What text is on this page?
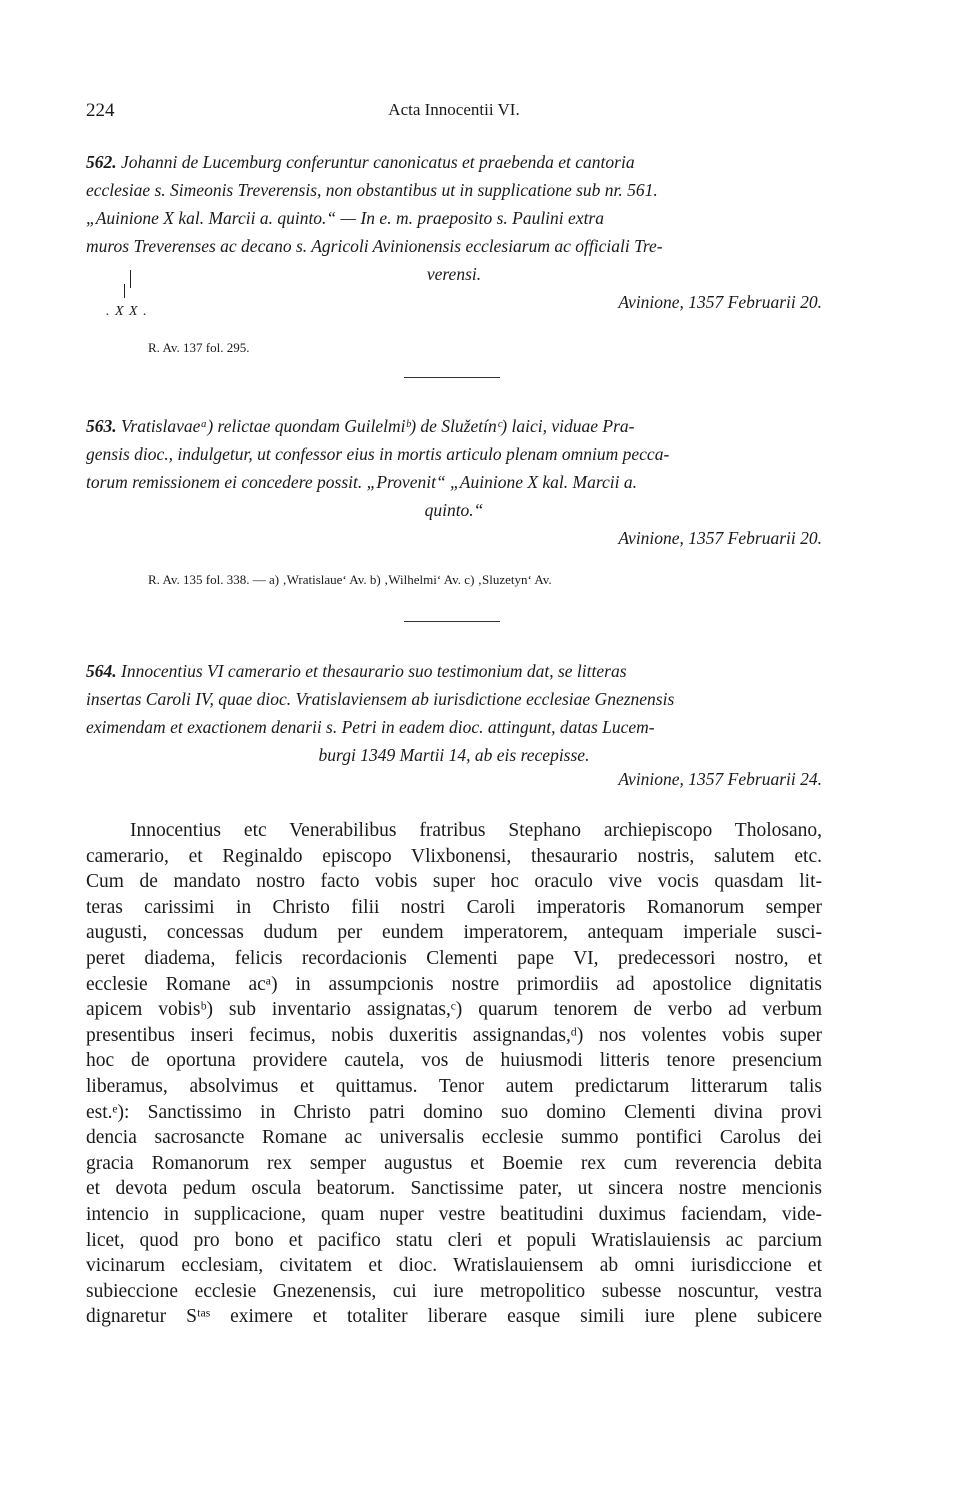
224	Acta Innocentii VI.
562. Johanni de Lucemburg conferuntur canonicatus et praebenda et cantoria
ecclesiae s. Simeonis Treverensis, non obstantibus ut in supplicatione sub nr. 561.
„Auinione X kal. Marcii a. quinto.“ — In e. m. praeposito s. Paulini extra
muros Treverenses ac decano s. Agricoli Avinionensis ecclesiarum ac officiali Tre-
verensi.
. X X .	Avinione, 1357 Februarii 20.
R. Av. 137 fol. 295.
563. Vratislavaeᵃ) relictae quondam Guilelmiᵇ) de Služetínᶜ) laici, viduae Pra-
gensis dioc., indulgetur, ut confessor eius in mortis articulo plenam omnium pecca-
torum remissionem ei concedere possit. „Provenit“ „Auinione X kal. Marcii a.
quinto.“
Avinione, 1357 Februarii 20.
R. Av. 135 fol. 338. — a) ‚Wratislaue‘ Av. b) ‚Wilhelmi‘ Av. c) ‚Sluzetyn‘ Av.
564. Innocentius VI camerario et thesaurario suo testimonium dat, se litteras
insertas Caroli IV, quae dioc. Vratislaviensem ab iurisdictione ecclesiae Gneznensis
eximendam et exactionem denarii s. Petri in eadem dioc. attingunt, datas Lucem-
burgi 1349 Martii 14, ab eis recepisse.
Avinione, 1357 Februarii 24.
Innocentius etc Venerabilibus fratribus Stephano archiepiscopo Tholosano,
camerario, et Reginaldo episcopo Vlixbonensi, thesaurario nostris, salutem etc.
Cum de mandato nostro facto vobis super hoc oraculo vive vocis quasdam lit-
teras carissimi in Christo filii nostri Caroli imperatoris Romanorum semper
augusti, concessas dudum per eundem imperatorem, antequam imperiale susci-
peret diadema, felicis recordacionis Clementi pape VI, predecessori nostro, et
ecclesie Romane acᵃ) in assumpcionis nostre primordiis ad apostolice dignitatis
apicem vobisᵇ) sub inventario assignatas,ᶜ) quarum tenorem de verbo ad verbum
presentibus inseri fecimus, nobis duxeritis assignandas,ᵈ) nos volentes vobis super
hoc de oportuna providere cautela, vos de huiusmodi litteris tenore presencium
liberamus, absolvimus et quittamus. Tenor autem predictarum litterarum talis
est.ᵉ): Sanctissimo in Christo patri domino suo domino Clementi divina provi
dencia sacrosancte Romane ac universalis ecclesie summo pontifici Carolus dei
gracia Romanorum rex semper augustus et Boemie rex cum reverencia debita
et devota pedum oscula beatorum. Sanctissime pater, ut sincera nostre mencionis
intencio in supplicacione, quam nuper vestre beatitudini duximus faciendam, vide-
licet, quod pro bono et pacifico statu cleri et populi Wratislauiensis ac parcium
vicinarum ecclesiam, civitatem et dioc. Wratislauiensem ab omni iurisdiccione et
subieccione ecclesie Gnezenensis, cui iure metropolitico subesse noscuntur, vestra
dignaretur Sᵗᵃˢ eximere et totaliter liberare easque simili iure plene subicere
